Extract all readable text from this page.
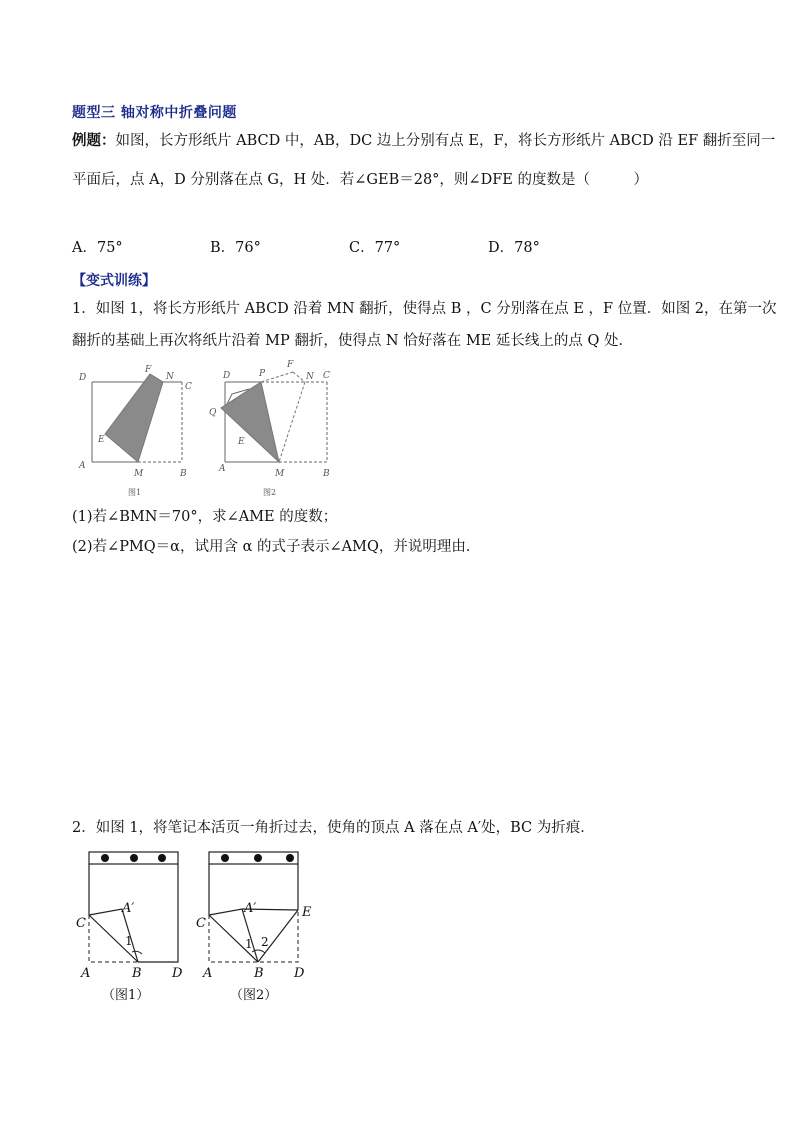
题型三 轴对称中折叠问题
例题：如图，长方形纸片 ABCD 中，AB，DC 边上分别有点 E，F，将长方形纸片 ABCD 沿 EF 翻折至同一
平面后，点 A，D 分别落在点 G，H 处．若∠GEB＝28°，则∠DFE 的度数是（　　　）
A．75°	B．76°	C．77°	D．78°
【变式训练】
1．如图 1，将长方形纸片 ABCD 沿着 MN 翻折，使得点 B ，C 分别落在点 E ，F 位置．如图 2，在第一次
翻折的基础上再次将纸片沿着 MP 翻折，使得点 N 恰好落在 ME 延长线上的点 Q 处．
D
F
N
C
E
A
M	B
图1
D	P
F
N C
Q
E
A	M	B
图2
(1)若∠BMN＝70°，求∠AME 的度数；
(2)若∠PMQ＝α，试用含 α 的式子表示∠AMQ，并说明理由．
2．如图 1，将笔记本活页一角折过去，使角的顶点 A 落在点 A′处，BC 为折痕．
C
A′
1
A	B D
（图1）
C
A′	E
1 2
A	B D
（图2）
